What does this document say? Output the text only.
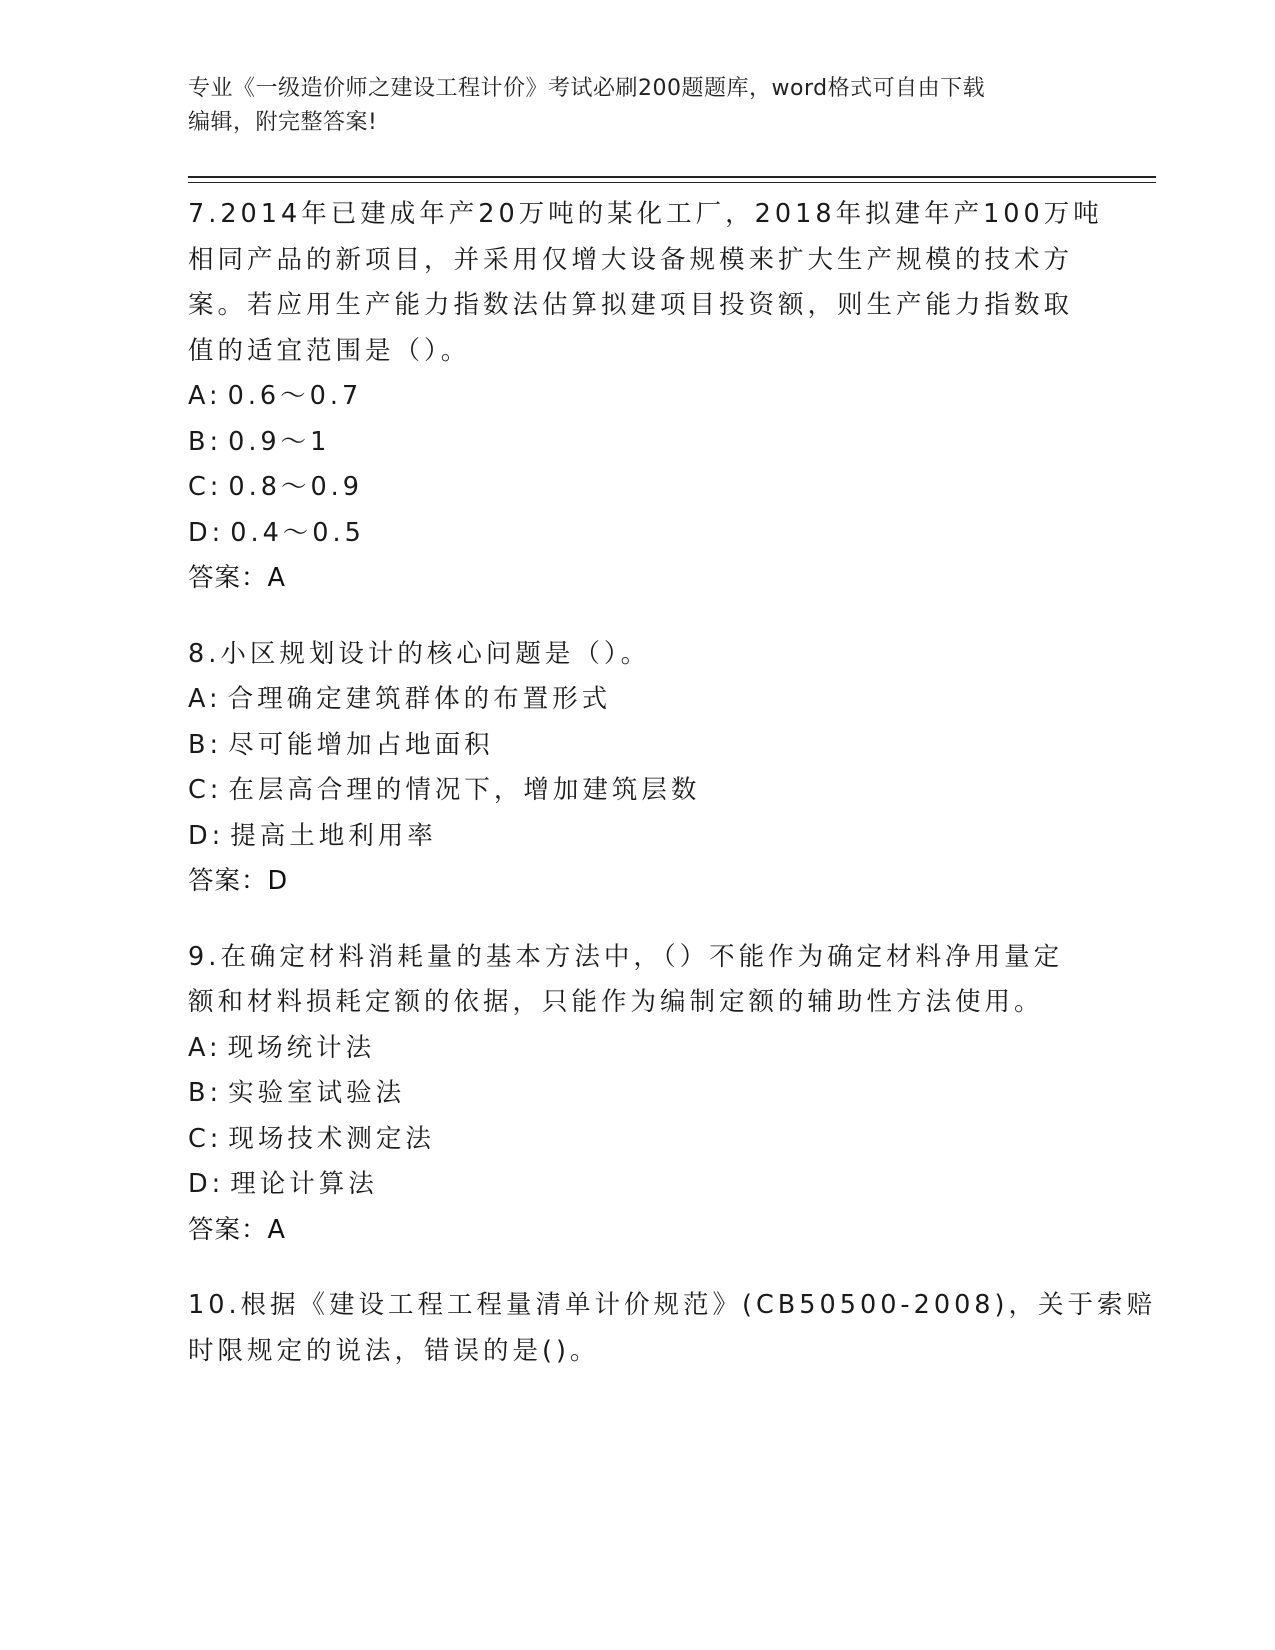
专业《一级造价师之建设工程计价》考试必刷200题题库，word格式可自由下载
编辑，附完整答案!
7.2014年已建成年产20万吨的某化工厂，2018年拟建年产100万吨
相同产品的新项目，并采用仅增大设备规模来扩大生产规模的技术方
案。若应用生产能力指数法估算拟建项目投资额，则生产能力指数取
值的适宜范围是（）。
A: 0.6～0.7
B: 0.9～1
C: 0.8～0.9
D: 0.4～0.5
答案：A
8.小区规划设计的核心问题是（）。
A: 合理确定建筑群体的布置形式
B: 尽可能增加占地面积
C: 在层高合理的情况下，增加建筑层数
D: 提高土地利用率
答案：D
9.在确定材料消耗量的基本方法中，（）不能作为确定材料净用量定
额和材料损耗定额的依据，只能作为编制定额的辅助性方法使用。
A: 现场统计法
B: 实验室试验法
C: 现场技术测定法
D: 理论计算法
答案：A
10.根据《建设工程工程量清单计价规范》(CB50500-2008)，关于索赔
时限规定的说法，错误的是()。
